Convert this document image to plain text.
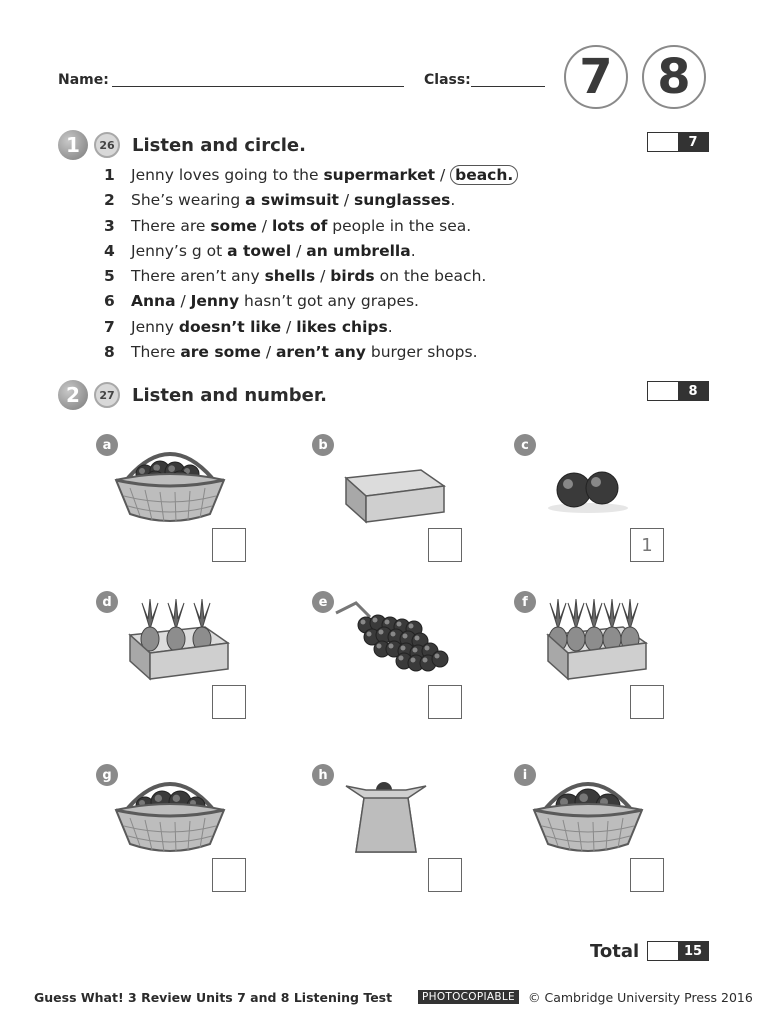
Name:	Class:	7 8
1	26 Listen and circle.	7
1	Jenny loves going to the supermarket / beach.
2	She’s wearing a swimsuit / sunglasses.
3	There are some / lots of people in the sea.
4	Jenny’s g ot a towel / an umbrella.
5	There aren’t any shells / birds on the beach.
6	Anna / Jenny hasn’t got any grapes.
7	Jenny doesn’t like / likes chips.
8	There are some / aren’t any burger shops.
2	27 Listen and number.	8
a	b	c
1
d	e	f
g	h	i
Total	15
Guess What! 3 Review Units 7 and 8 Listening Test	PHOTOCOPIABLE	© Cambridge University Press 2016
